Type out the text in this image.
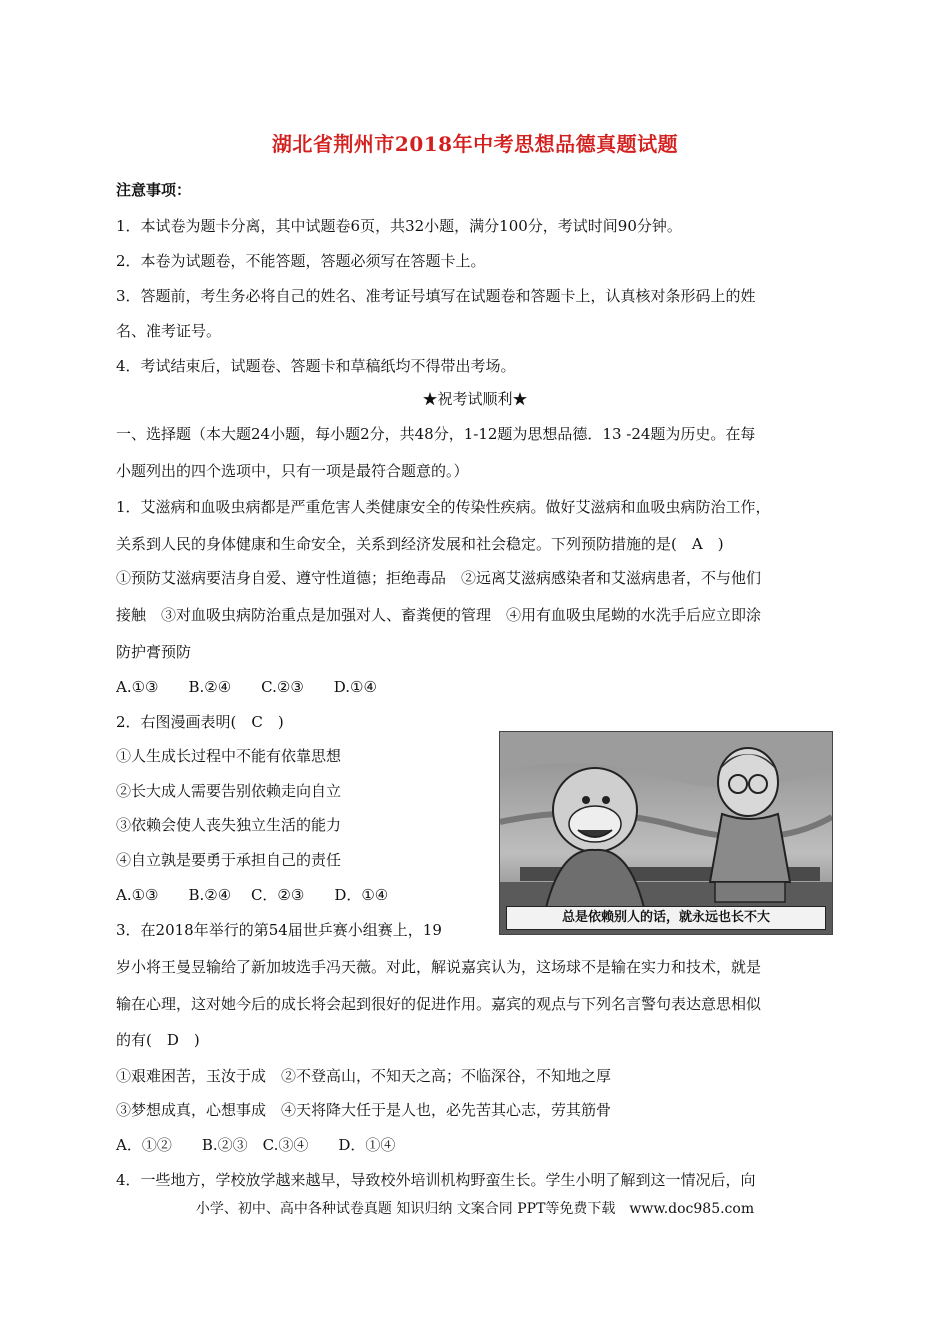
湖北省荆州市2018年中考思想品德真题试题
注意事项：
1．本试卷为题卡分离，其中试题卷6页，共32小题，满分100分，考试时间90分钟。
2．本卷为试题卷，不能答题，答题必须写在答题卡上。
3．答题前，考生务必将自己的姓名、准考证号填写在试题卷和答题卡上，认真核对条形码上的姓
名、准考证号。
4．考试结束后，试题卷、答题卡和草稿纸均不得带出考场。
★祝考试顺利★
一、选择题（本大题24小题，每小题2分，共48分，1-12题为思想品德．13 -24题为历史。在每
小题列出的四个选项中，只有一项是最符合题意的。）
1．艾滋病和血吸虫病都是严重危害人类健康安全的传染性疾病。做好艾滋病和血吸虫病防治工作，
关系到人民的身体健康和生命安全，关系到经济发展和社会稳定。下列预防措施的是(　A　)
①预防艾滋病要洁身自爱、遵守性道德；拒绝毒品　②远离艾滋病感染者和艾滋病患者，不与他们
接触　③对血吸虫病防治重点是加强对人、畜粪便的管理　④用有血吸虫尾蚴的水洗手后应立即涂
防护膏预防
A.①③　　B.②④　　C.②③　　D.①④
2．右图漫画表明(　C　)
①人生成长过程中不能有依靠思想
②长大成人需要告别依赖走向自立
③依赖会使人丧失独立生活的能力
④自立孰是要勇于承担自己的责任
A.①③　　B.②④　 C．②③　　D．①④
总是依赖别人的话，就永远也长不大
3．在2018年举行的第54届世乒赛小组赛上，19
岁小将王曼昱输给了新加坡选手冯天薇。对此，解说嘉宾认为，这场球不是输在实力和技术，就是
输在心理，这对她今后的成长将会起到很好的促进作用。嘉宾的观点与下列名言警句表达意思相似
的有(　D　)
①艰难困苦，玉汝于成　②不登高山，不知天之高；不临深谷，不知地之厚
③梦想成真，心想事成　④天将降大任于是人也，必先苦其心志，劳其筋骨
A．①②　　B.②③　C.③④　　D．①④
4．一些地方，学校放学越来越早，导致校外培训机构野蛮生长。学生小明了解到这一情况后，向
小学、初中、高中各种试卷真题 知识归纳 文案合同 PPT等免费下载　www.doc985.com
